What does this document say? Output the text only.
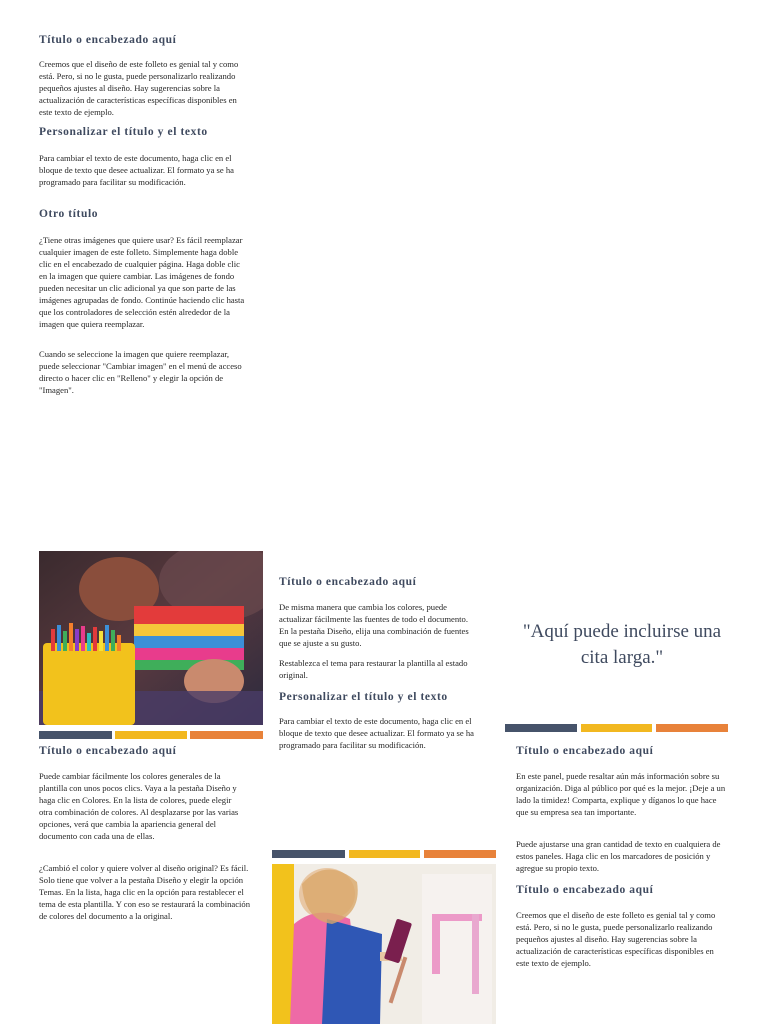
Título o encabezado aquí
Creemos que el diseño de este folleto es genial tal y como está. Pero, si no le gusta, puede personalizarlo realizando pequeños ajustes al diseño. Hay sugerencias sobre la actualización de características específicas disponibles en este texto de ejemplo.
Personalizar el título y el texto
Para cambiar el texto de este documento, haga clic en el bloque de texto que desee actualizar. El formato ya se ha programado para facilitar su modificación.
Otro título
¿Tiene otras imágenes que quiere usar? Es fácil reemplazar cualquier imagen de este folleto. Simplemente haga doble clic en el encabezado de cualquier página. Haga doble clic en la imagen que quiere cambiar. Las imágenes de fondo pueden necesitar un clic adicional ya que son parte de las imágenes agrupadas de fondo. Continúe haciendo clic hasta que los controladores de selección estén alrededor de la imagen que quiera reemplazar.
Cuando se seleccione la imagen que quiere reemplazar, puede seleccionar "Cambiar imagen" en el menú de acceso directo o hacer clic en "Relleno" y elegir la opción de "Imagen".
Título o encabezado aquí
Puede cambiar fácilmente los colores generales de la plantilla con unos pocos clics. Vaya a la pestaña Diseño y haga clic en Colores. En la lista de colores, puede elegir otra combinación de colores. Al desplazarse por las varias opciones, verá que cambia la apariencia general del documento con cada una de ellas.
¿Cambió el color y quiere volver al diseño original? Es fácil. Solo tiene que volver a la pestaña Diseño y elegir la opción Temas. En la lista, haga clic en la opción para restablecer el tema de esta plantilla. Y con eso se restaurará la combinación de colores del documento a la original.
Título o encabezado aquí
De misma manera que cambia los colores, puede actualizar fácilmente las fuentes de todo el documento. En la pestaña Diseño, elija una combinación de fuentes que se ajuste a su gusto.
Restablezca el tema para restaurar la plantilla al estado original.
Personalizar el título y el texto
Para cambiar el texto de este documento, haga clic en el bloque de texto que desee actualizar. El formato ya se ha programado para facilitar su modificación.
"Aquí puede incluirse una cita larga."
Título o encabezado aquí
En este panel, puede resaltar aún más información sobre su organización. Diga al público por qué es la mejor. ¡Deje a un lado la timidez! Comparta, explique y díganos lo que hace que su empresa sea tan importante.
Puede ajustarse una gran cantidad de texto en cualquiera de estos paneles. Haga clic en los marcadores de posición y agregue su propio texto.
Título o encabezado aquí
Creemos que el diseño de este folleto es genial tal y como está. Pero, si no le gusta, puede personalizarlo realizando pequeños ajustes al diseño. Hay sugerencias sobre la actualización de características específicas disponibles en este texto de ejemplo.
